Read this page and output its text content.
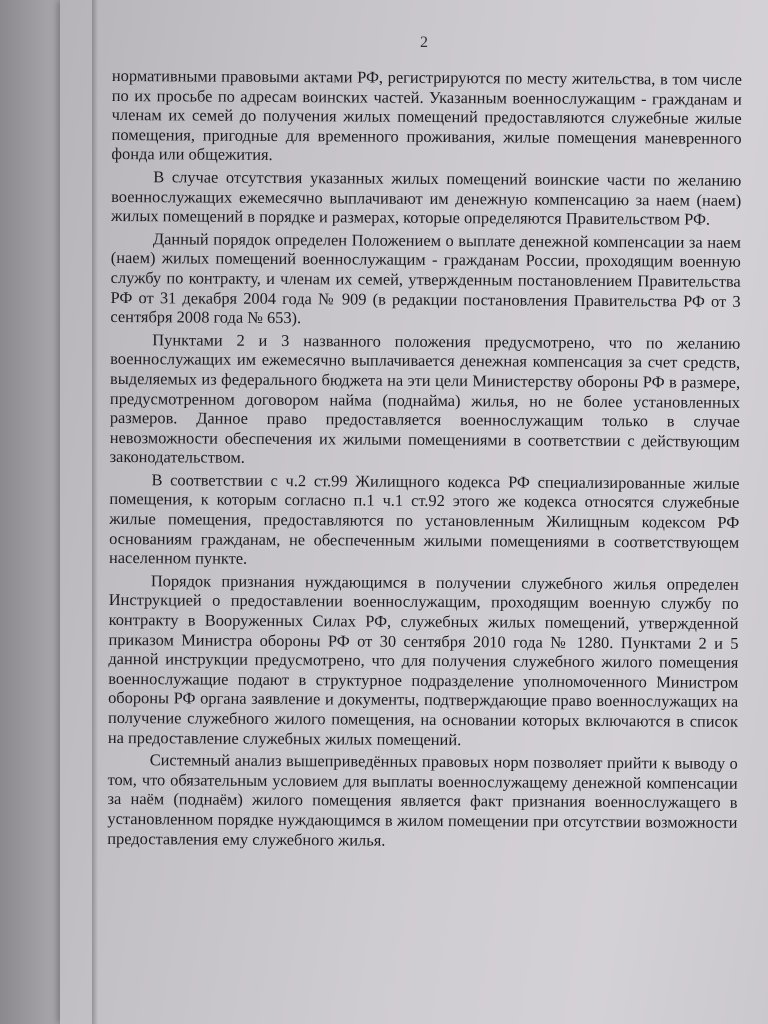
2

нормативными правовыми актами РФ, регистрируются по месту жительства, в том числе по их просьбе по адресам воинских частей. Указанным военнослужащим - гражданам и членам их семей до получения жилых помещений предоставляются служебные жилые помещения, пригодные для временного проживания, жилые помещения маневренного фонда или общежития.

В случае отсутствия указанных жилых помещений воинские части по желанию военнослужащих ежемесячно выплачивают им денежную компенсацию за наем (наем) жилых помещений в порядке и размерах, которые определяются Правительством РФ.

Данный порядок определен Положением о выплате денежной компенсации за наем (наем) жилых помещений военнослужащим - гражданам России, проходящим военную службу по контракту, и членам их семей, утвержденным постановлением Правительства РФ от 31 декабря 2004 года № 909 (в редакции постановления Правительства РФ от 3 сентября 2008 года № 653).

Пунктами 2 и 3 названного положения предусмотрено, что по желанию военнослужащих им ежемесячно выплачивается денежная компенсация за счет средств, выделяемых из федерального бюджета на эти цели Министерству обороны РФ в размере, предусмотренном договором найма (поднайма) жилья, но не более установленных размеров. Данное право предоставляется военнослужащим только в случае невозможности обеспечения их жилыми помещениями в соответствии с действующим законодательством.

В соответствии с ч.2 ст.99 Жилищного кодекса РФ специализированные жилые помещения, к которым согласно п.1 ч.1 ст.92 этого же кодекса относятся служебные жилые помещения, предоставляются по установленным Жилищным кодексом РФ основаниям гражданам, не обеспеченным жилыми помещениями в соответствующем населенном пункте.

Порядок признания нуждающимся в получении служебного жилья определен Инструкцией о предоставлении военнослужащим, проходящим военную службу по контракту в Вооруженных Силах РФ, служебных жилых помещений, утвержденной приказом Министра обороны РФ от 30 сентября 2010 года № 1280. Пунктами 2 и 5 данной инструкции предусмотрено, что для получения служебного жилого помещения военнослужащие подают в структурное подразделение уполномоченного Министром обороны РФ органа заявление и документы, подтверждающие право военнослужащих на получение служебного жилого помещения, на основании которых включаются в список на предоставление служебных жилых помещений.

Системный анализ вышеприведённых правовых норм позволяет прийти к выводу о том, что обязательным условием для выплаты военнослужащему денежной компенсации за наём (поднаём) жилого помещения является факт признания военнослужащего в установленном порядке нуждающимся в жилом помещении при отсутствии возможности предоставления ему служебного жилья.
